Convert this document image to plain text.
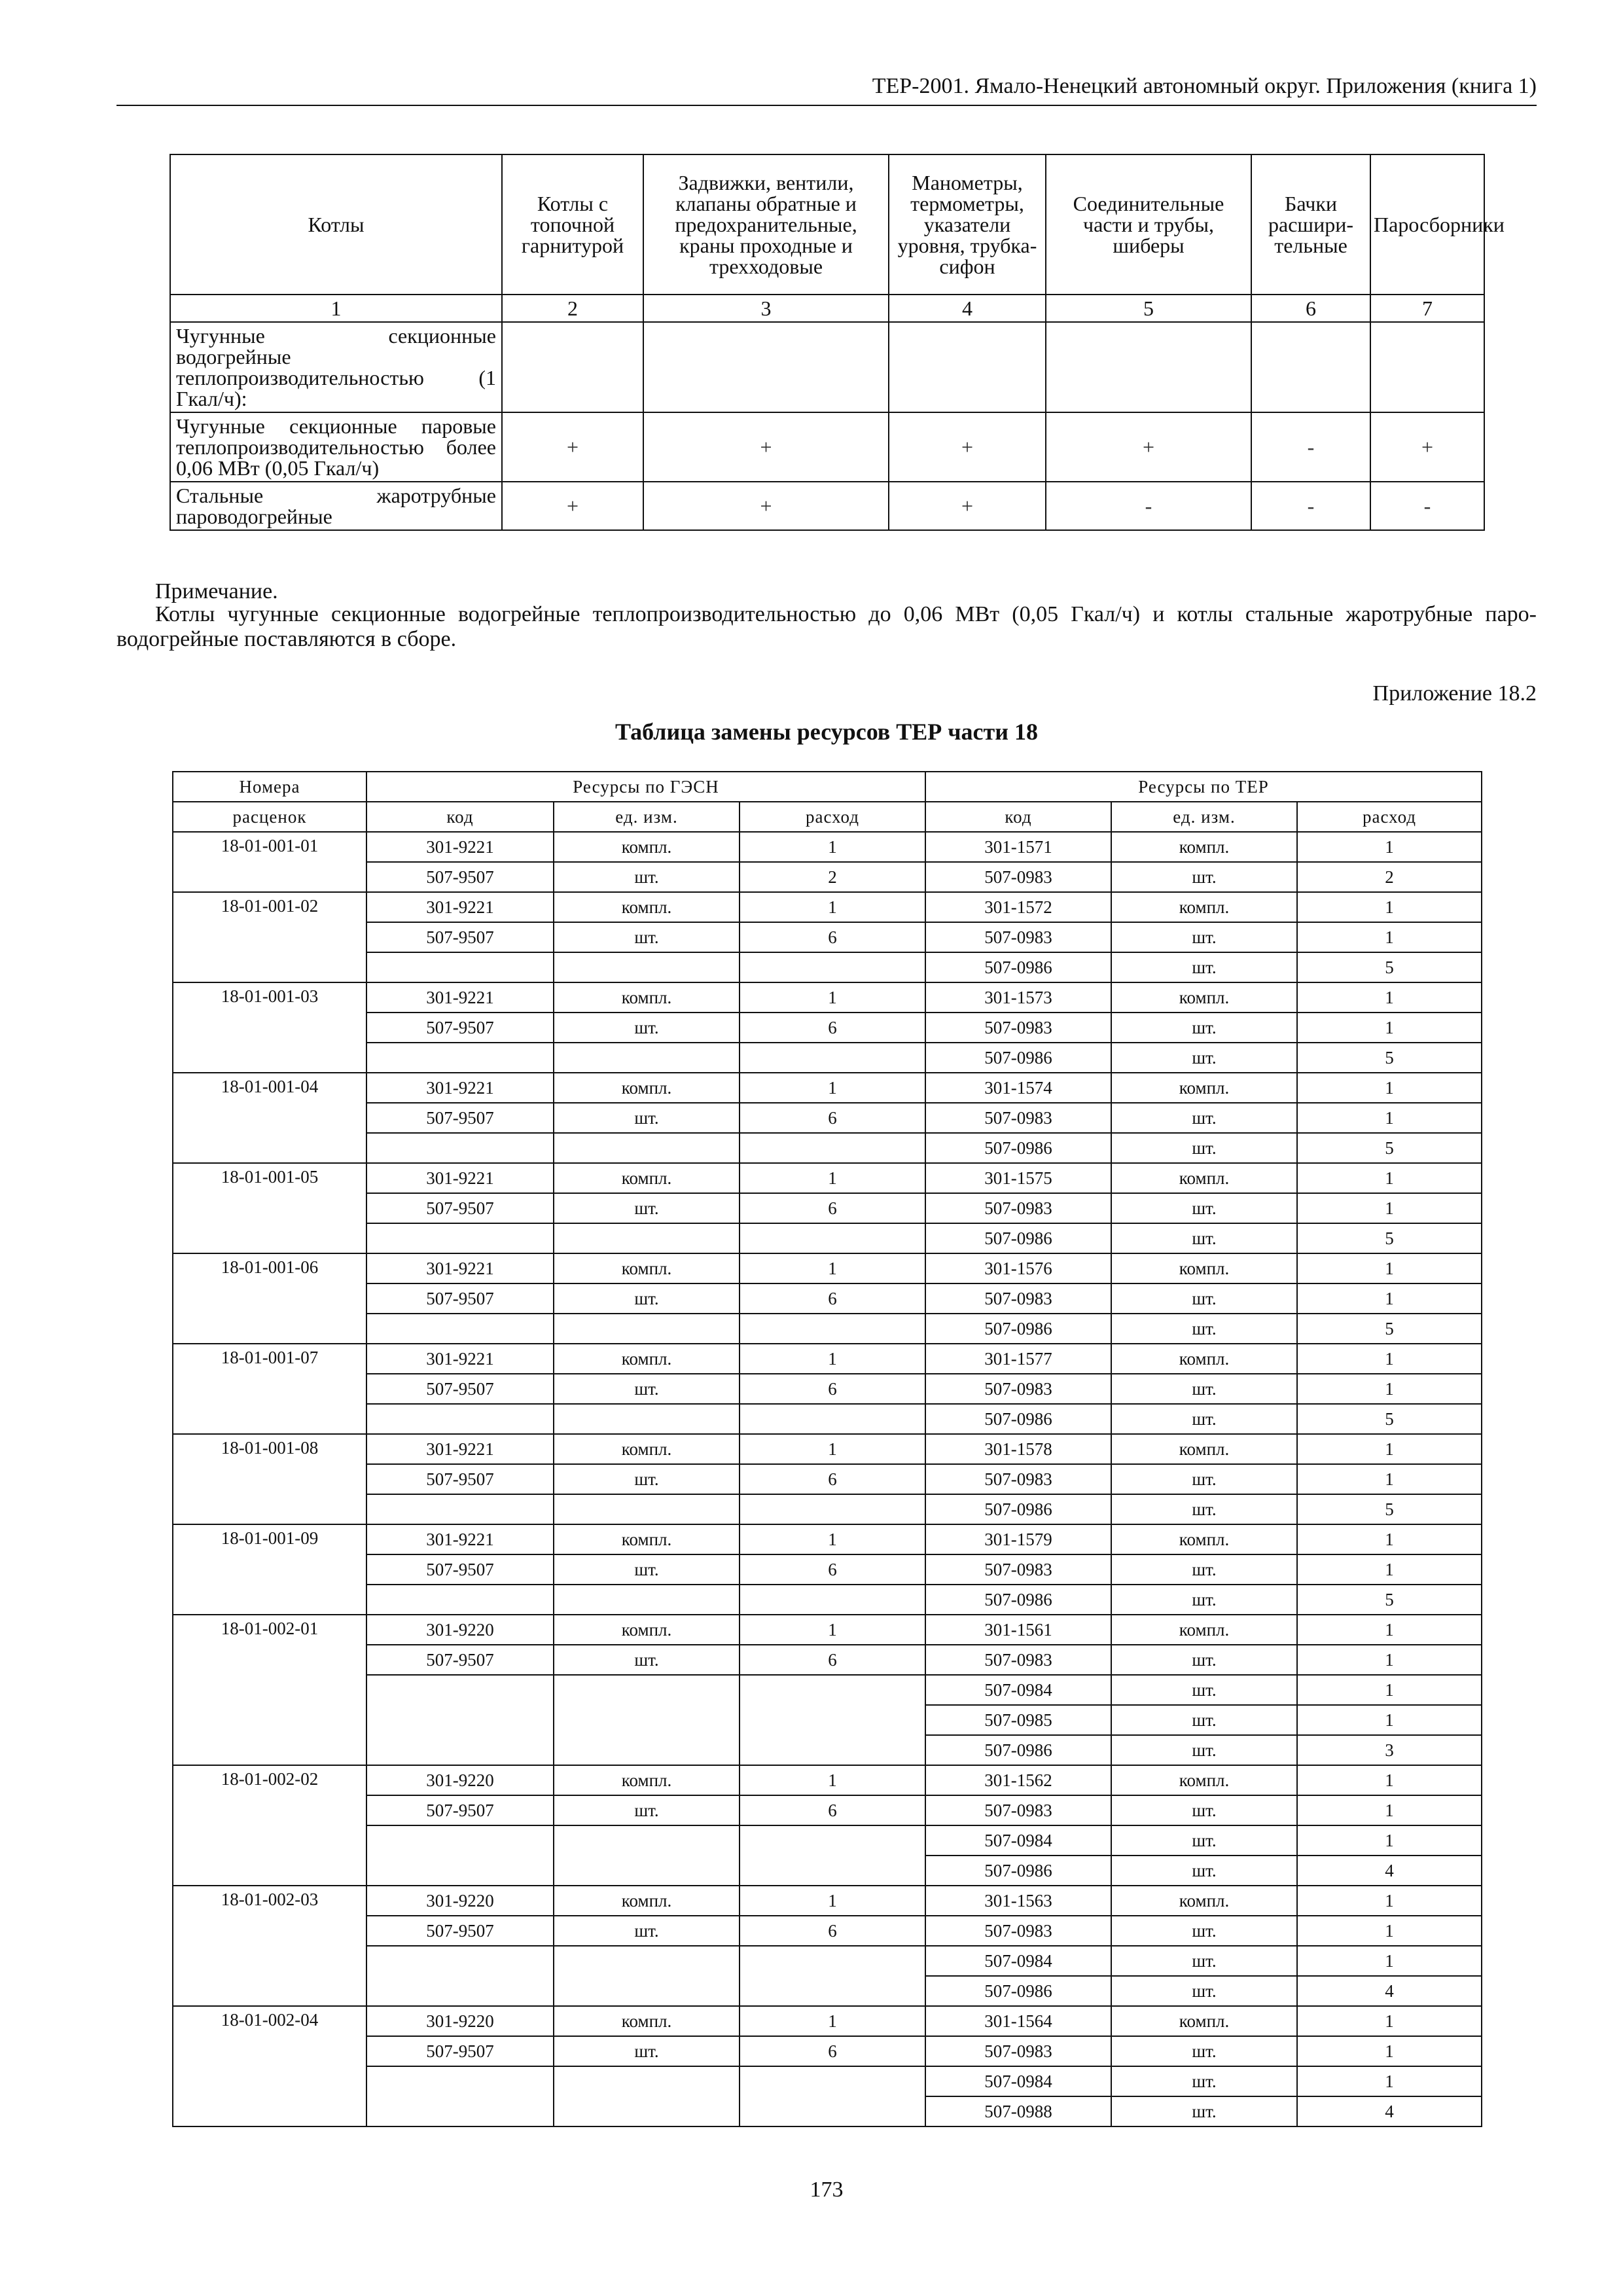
ТЕР-2001. Ямало-Ненецкий автономный округ. Приложения (книга 1)
Котлы	Котлы с топочной гарнитурой	Задвижки, вентили, клапаны обратные и предохранительные, краны проходные и трехходовые	Манометры, термометры, указатели уровня, трубка-сифон	Соединительные части и трубы, шиберы	Бачки расшири-тельные	Паросборники
1	2	3	4	5	6	7
Чугунные секционные водогрейные теплопроизводительностью (1 Гкал/ч):						
Чугунные секционные паровые теплопроизводительностью более 0,06 МВт (0,05 Гкал/ч)	+	+	+	+	-	+
Стальные жаротрубные пароводогрейные	+	+	+	-	-	-
Примечание.
Котлы чугунные секционные водогрейные теплопроизводительностью до 0,06 МВт (0,05 Гкал/ч) и котлы стальные жаротрубные паро-водогрейные поставляются в сборе.
Приложение 18.2
Таблица замены ресурсов ТЕР части 18
Номера	Ресурсы по ГЭСН			Ресурсы по ТЕР		
расценок	код	ед. изм.	расход	код	ед. изм.	расход
18-01-001-01	301-9221	компл.	1	301-1571	компл.	1
	507-9507	шт.	2	507-0983	шт.	2
18-01-001-02	301-9221	компл.	1	301-1572	компл.	1
	507-9507	шт.	6	507-0983	шт.	1
				507-0986	шт.	5
18-01-001-03	301-9221	компл.	1	301-1573	компл.	1
	507-9507	шт.	6	507-0983	шт.	1
				507-0986	шт.	5
18-01-001-04	301-9221	компл.	1	301-1574	компл.	1
	507-9507	шт.	6	507-0983	шт.	1
				507-0986	шт.	5
18-01-001-05	301-9221	компл.	1	301-1575	компл.	1
	507-9507	шт.	6	507-0983	шт.	1
				507-0986	шт.	5
18-01-001-06	301-9221	компл.	1	301-1576	компл.	1
	507-9507	шт.	6	507-0983	шт.	1
				507-0986	шт.	5
18-01-001-07	301-9221	компл.	1	301-1577	компл.	1
	507-9507	шт.	6	507-0983	шт.	1
				507-0986	шт.	5
18-01-001-08	301-9221	компл.	1	301-1578	компл.	1
	507-9507	шт.	6	507-0983	шт.	1
				507-0986	шт.	5
18-01-001-09	301-9221	компл.	1	301-1579	компл.	1
	507-9507	шт.	6	507-0983	шт.	1
				507-0986	шт.	5
18-01-002-01	301-9220	компл.	1	301-1561	компл.	1
	507-9507	шт.	6	507-0983	шт.	1
				507-0984	шт.	1
				507-0985	шт.	1
				507-0986	шт.	3
18-01-002-02	301-9220	компл.	1	301-1562	компл.	1
	507-9507	шт.	6	507-0983	шт.	1
				507-0984	шт.	1
				507-0986	шт.	4
18-01-002-03	301-9220	компл.	1	301-1563	компл.	1
	507-9507	шт.	6	507-0983	шт.	1
				507-0984	шт.	1
				507-0986	шт.	4
18-01-002-04	301-9220	компл.	1	301-1564	компл.	1
	507-9507	шт.	6	507-0983	шт.	1
				507-0984	шт.	1
				507-0988	шт.	4
173
